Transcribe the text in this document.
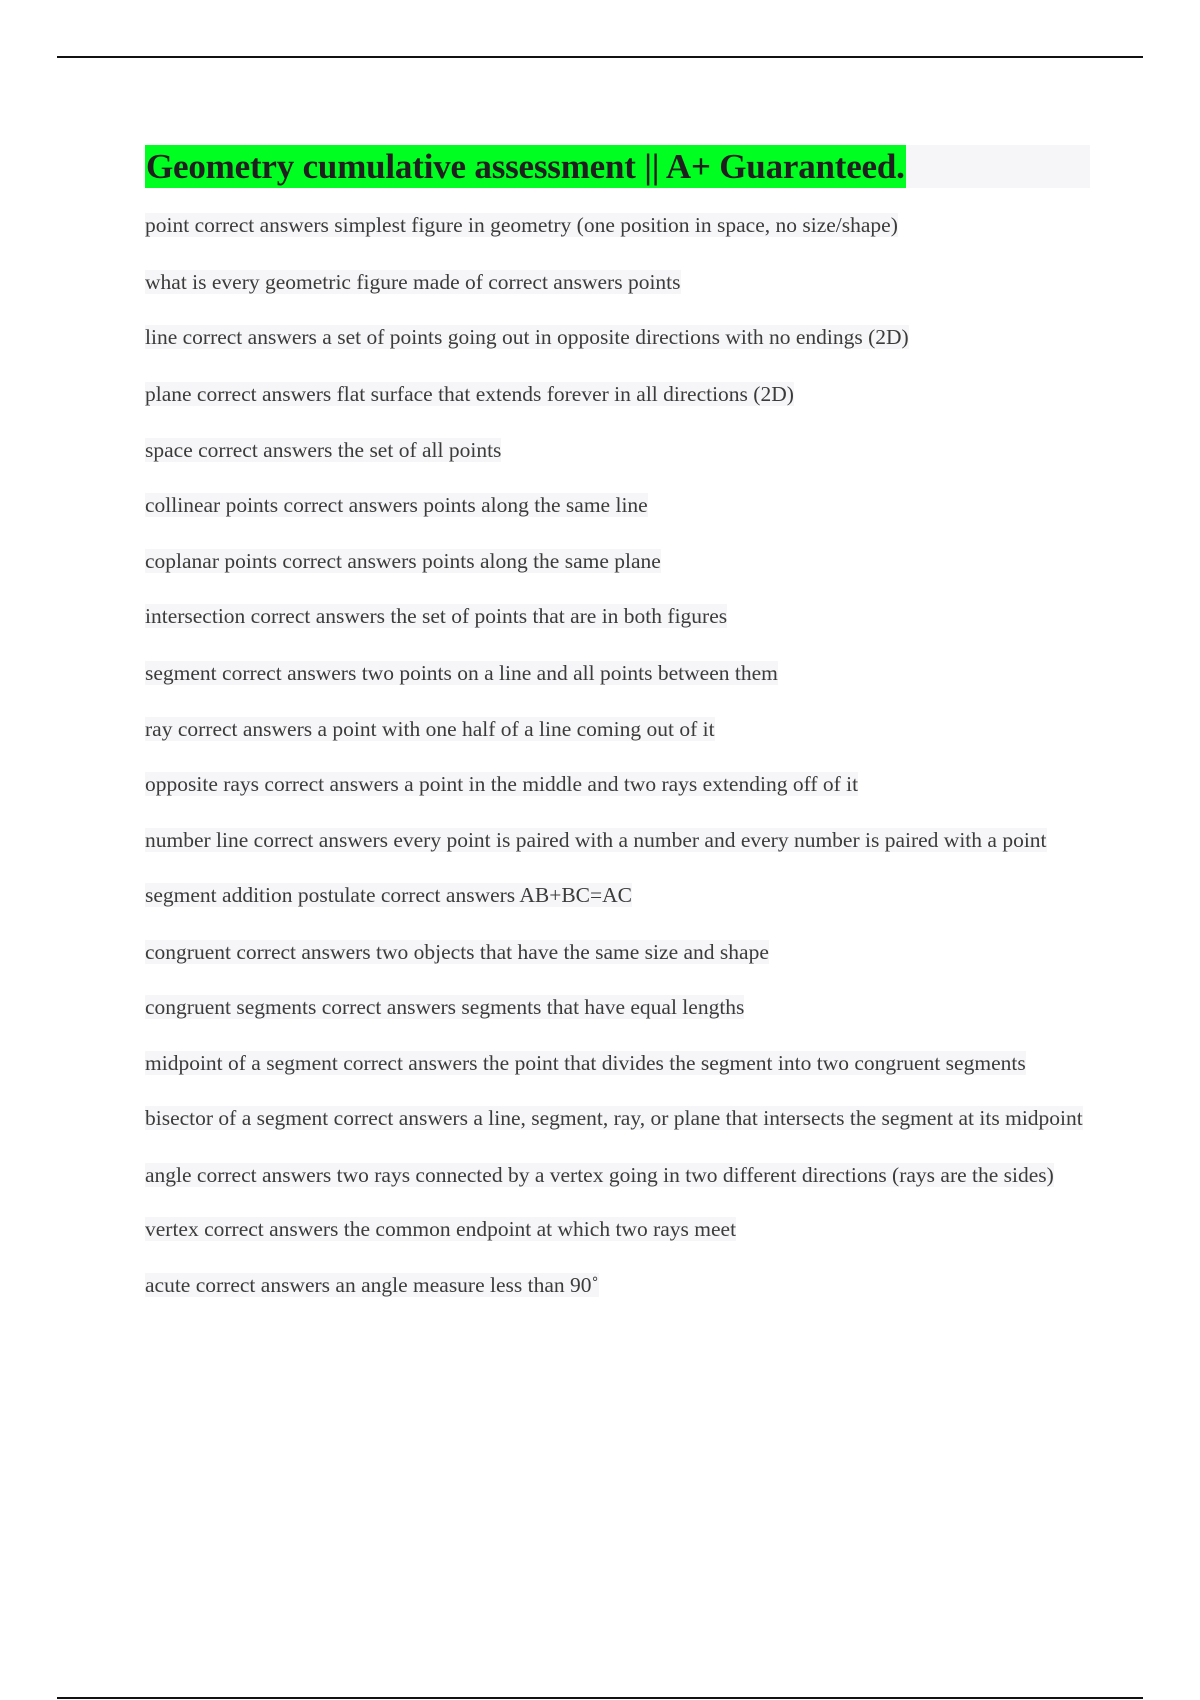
Geometry cumulative assessment || A+ Guaranteed.
point correct answers simplest figure in geometry (one position in space, no size/shape)
what is every geometric figure made of correct answers points
line correct answers a set of points going out in opposite directions with no endings (2D)
plane correct answers flat surface that extends forever in all directions (2D)
space correct answers the set of all points
collinear points correct answers points along the same line
coplanar points correct answers points along the same plane
intersection correct answers the set of points that are in both figures
segment correct answers two points on a line and all points between them
ray correct answers a point with one half of a line coming out of it
opposite rays correct answers a point in the middle and two rays extending off of it
number line correct answers every point is paired with a number and every number is paired with a point
segment addition postulate correct answers AB+BC=AC
congruent correct answers two objects that have the same size and shape
congruent segments correct answers segments that have equal lengths
midpoint of a segment correct answers the point that divides the segment into two congruent segments
bisector of a segment correct answers a line, segment, ray, or plane that intersects the segment at its midpoint
angle correct answers two rays connected by a vertex going in two different directions (rays are the sides)
vertex correct answers the common endpoint at which two rays meet
acute correct answers an angle measure less than 90˚
